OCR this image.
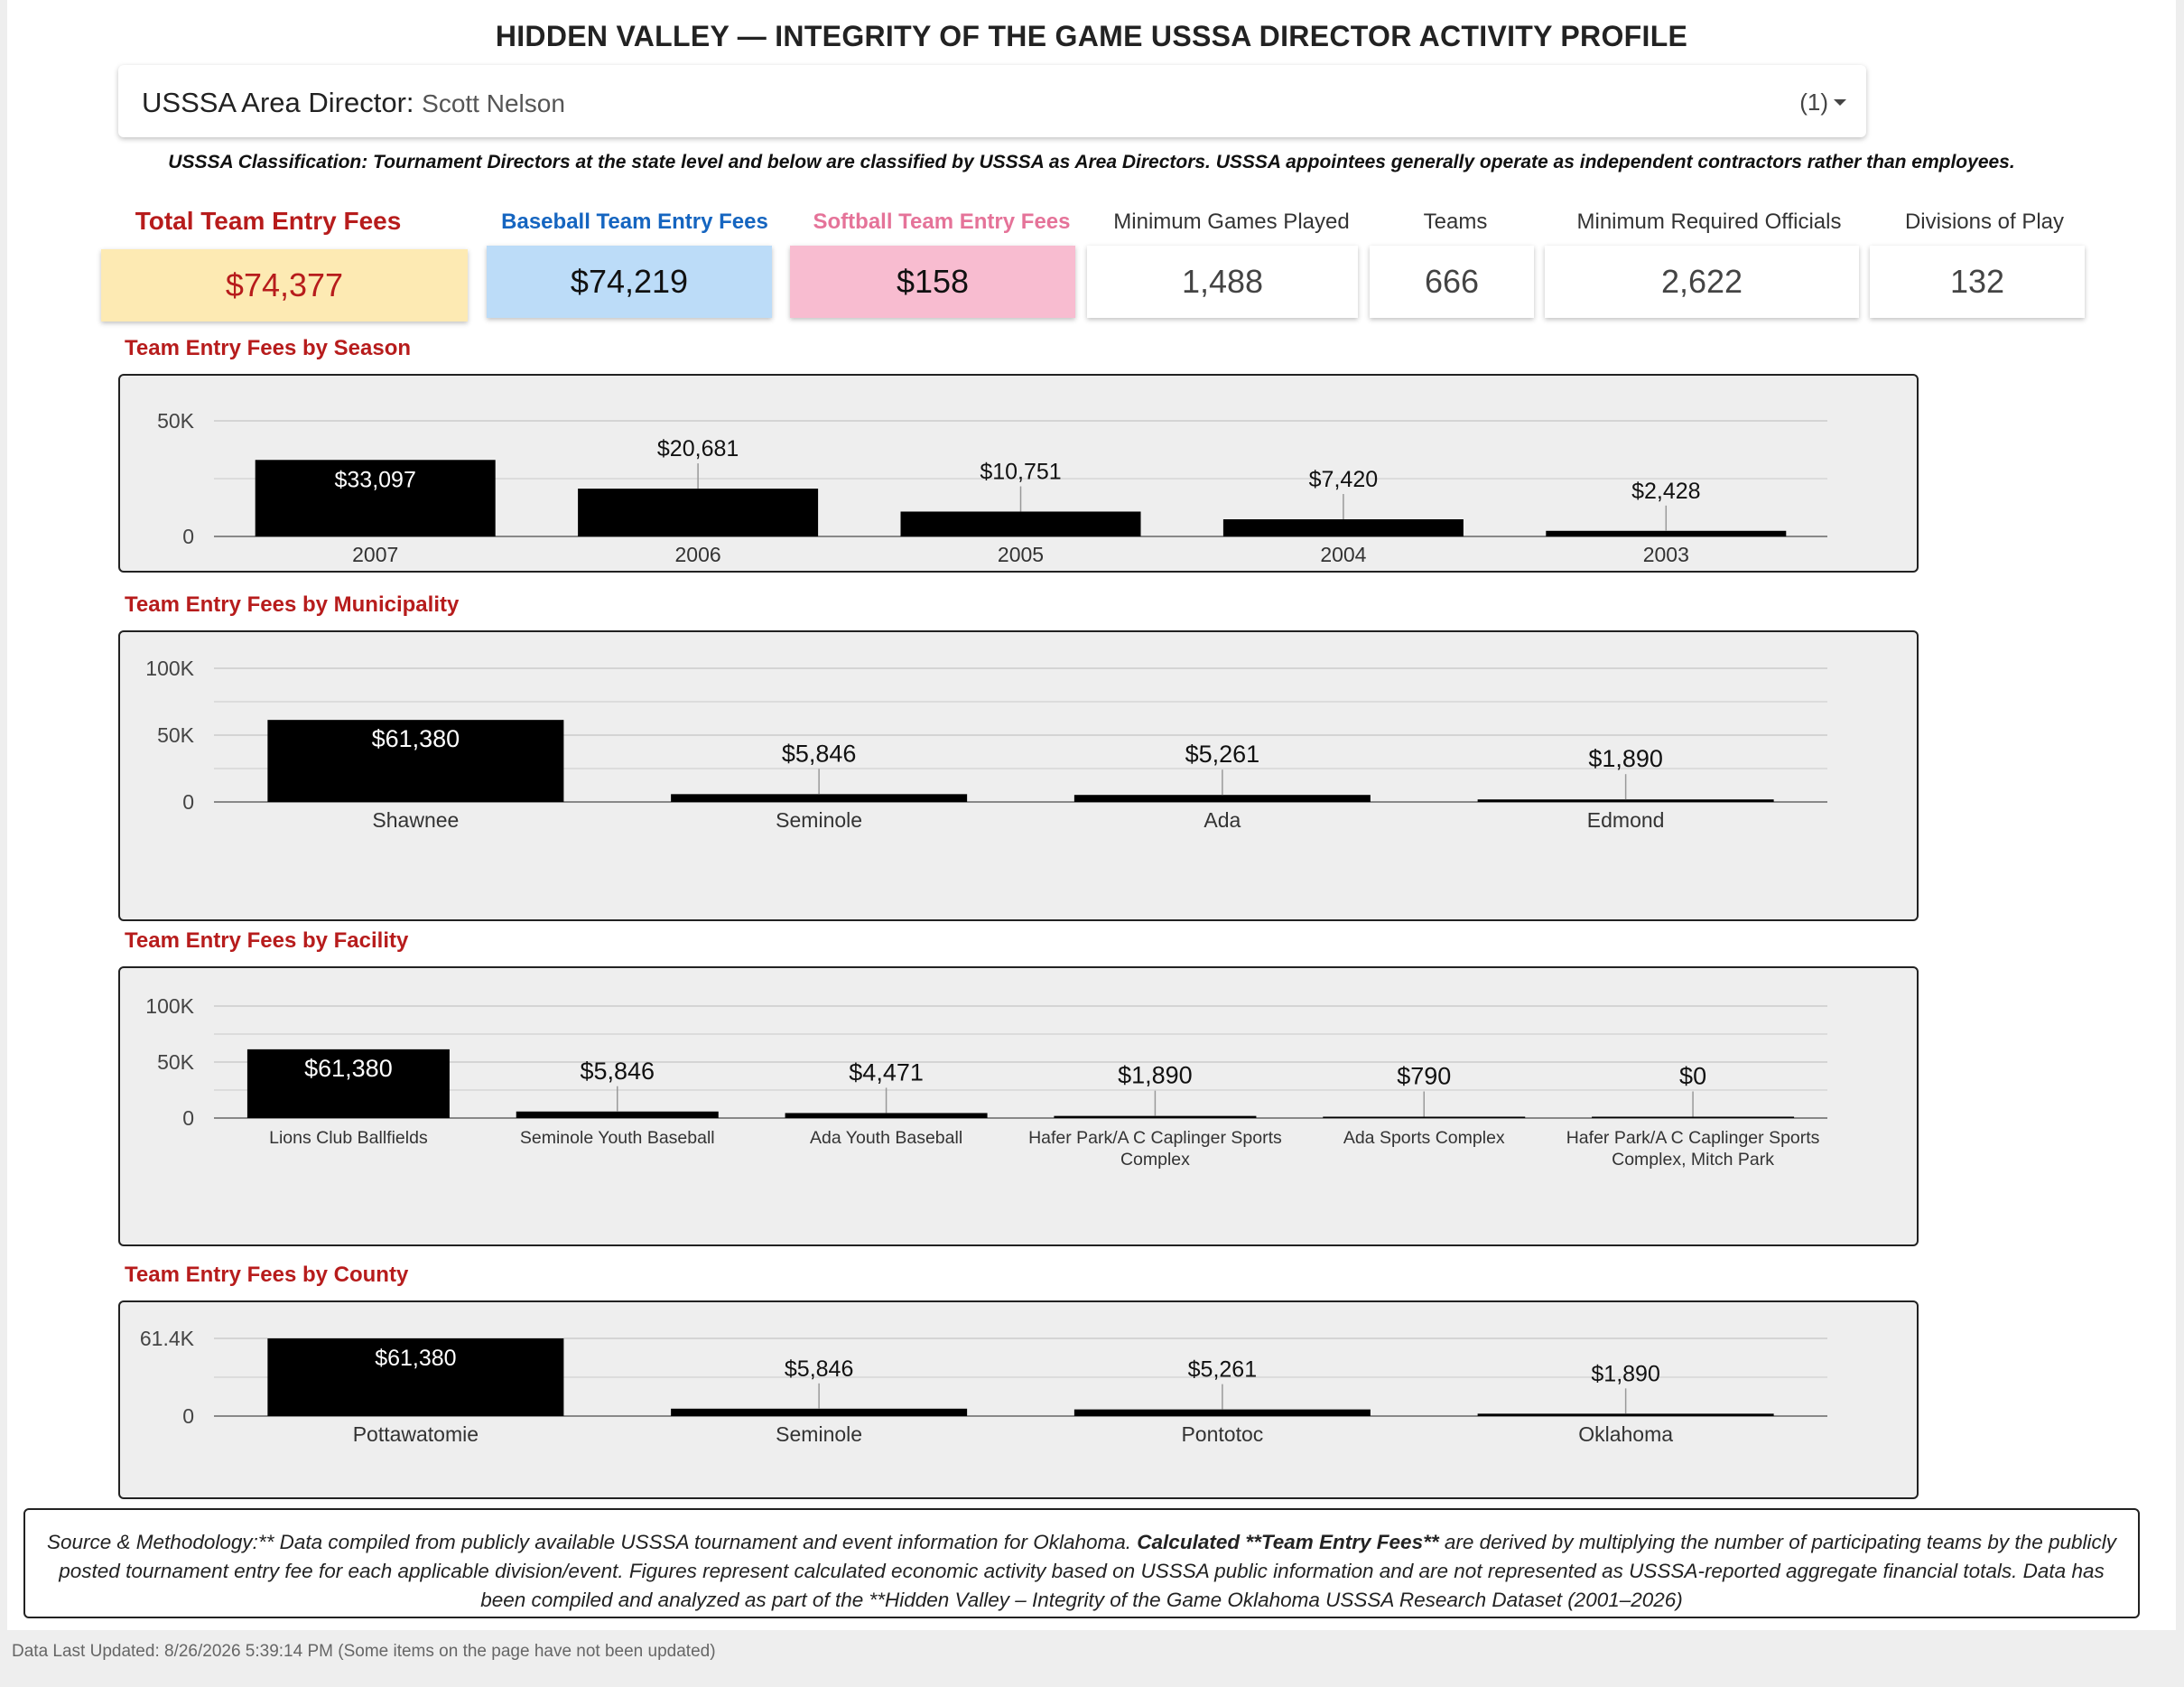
HIDDEN VALLEY — INTEGRITY OF THE GAME USSSA DIRECTOR ACTIVITY PROFILE
USSSA Area Director: Scott Nelson	(1)
USSSA Classification: Tournament Directors at the state level and below are classified by USSSA as Area Directors. USSSA appointees generally operate as independent contractors rather than employees.
Total Team Entry Fees	Baseball Team Entry Fees	Softball Team Entry Fees	Minimum Games Played	Teams	Minimum Required Officials	Divisions of Play
$74,377	$74,219	$158	1,488	666	2,622	132
Team Entry Fees by Season
0
50K
$33,097
2007
$20,681
2006
$10,751
2005
$7,420
2004
$2,428
2003
Team Entry Fees by Municipality
0
50K
100K
$61,380
Shawnee
$5,846
Seminole
$5,261
Ada
$1,890
Edmond
Team Entry Fees by Facility
0
50K
100K
$61,380
Lions Club Ballfields
$5,846
Seminole Youth Baseball
$4,471
Ada Youth Baseball
$1,890
Hafer Park/A C Caplinger Sports
Complex
$790
Ada Sports Complex
$0
Hafer Park/A C Caplinger Sports
Complex, Mitch Park
Team Entry Fees by County
0
61.4K
$61,380
Pottawatomie
$5,846
Seminole
$5,261
Pontotoc
$1,890
Oklahoma
Source & Methodology:** Data compiled from publicly available USSSA tournament and event information for Oklahoma. Calculated **Team Entry Fees** are derived by multiplying the number of participating teams by the publicly posted tournament entry fee for each applicable division/event. Figures represent calculated economic activity based on USSSA public information and are not represented as USSSA-reported aggregate financial totals. Data has been compiled and analyzed as part of the **Hidden Valley – Integrity of the Game Oklahoma USSSA Research Dataset (2001–2026)
Data Last Updated: 8/26/2026 5:39:14 PM (Some items on the page have not been updated)
